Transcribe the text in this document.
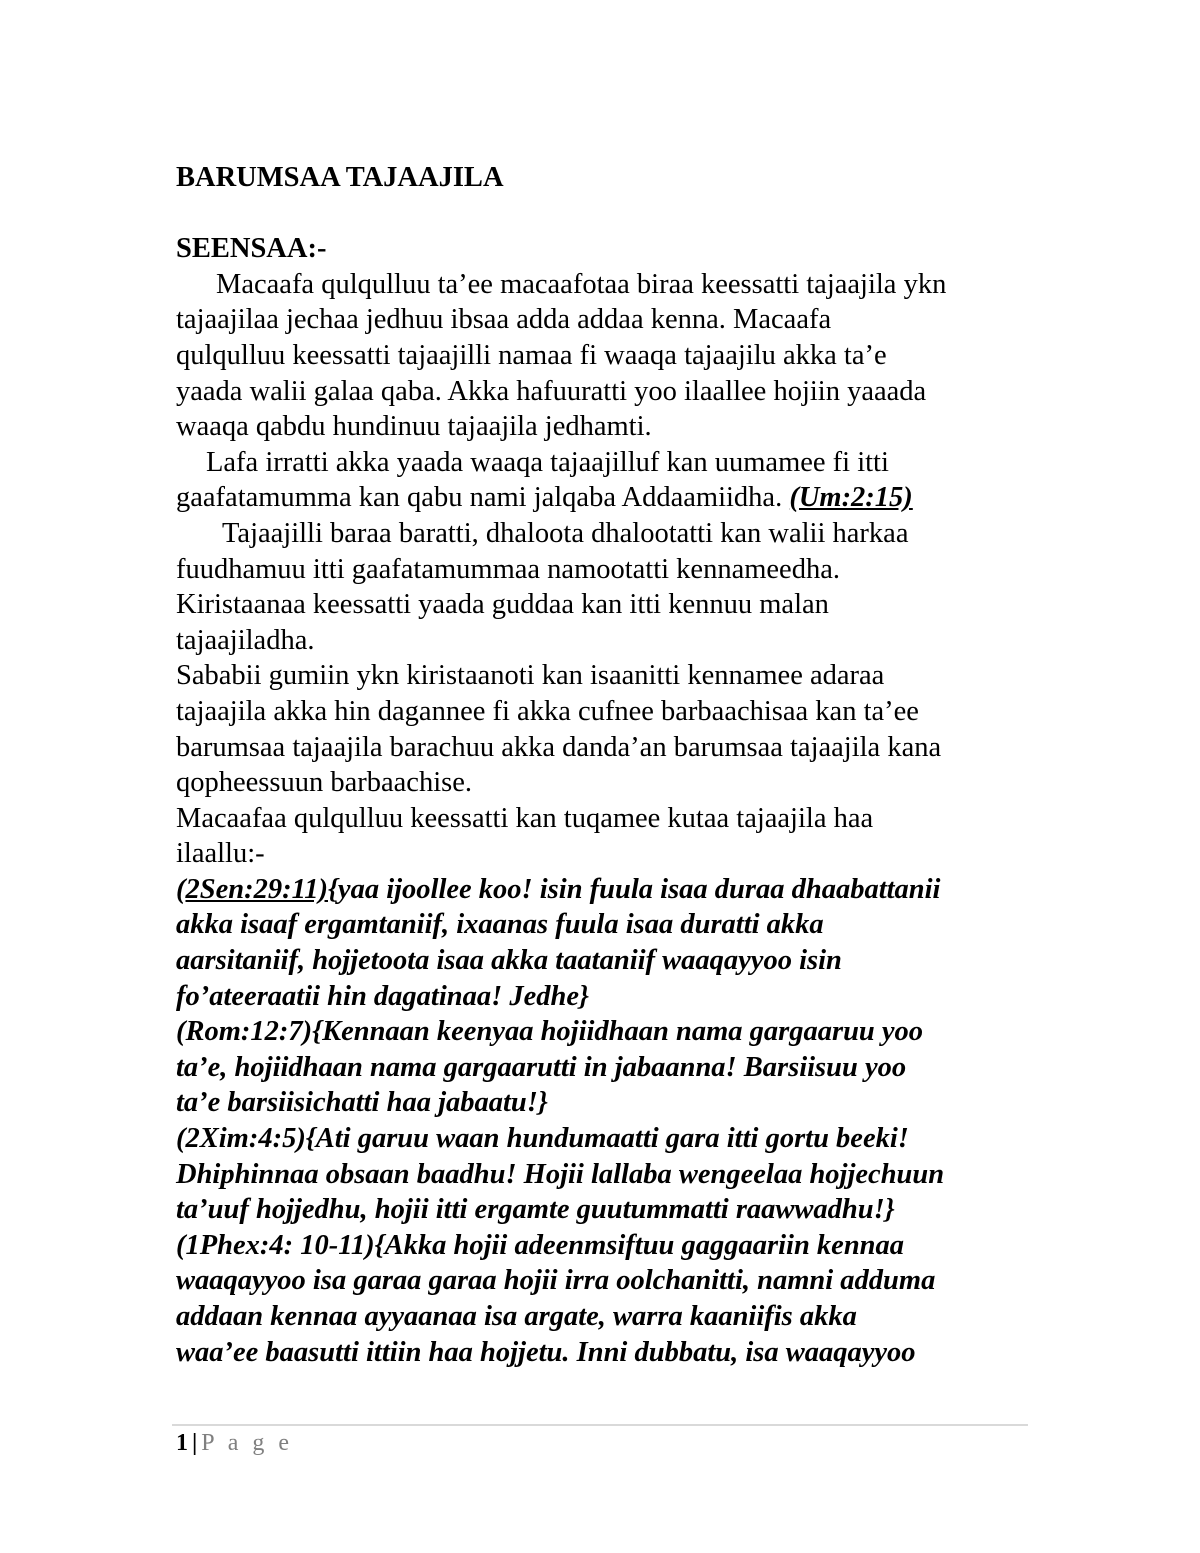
BARUMSAA TAJAAJILA
SEENSAA:-
Macaafa qulqulluu ta’ee macaafotaa biraa keessatti tajaajila ykn
tajaajilaa jechaa jedhuu ibsaa adda addaa kenna. Macaafa
qulqulluu keessatti tajaajilli namaa fi waaqa tajaajilu akka ta’e
yaada walii galaa qaba. Akka hafuuratti yoo ilaallee hojiin yaaada
waaqa qabdu hundinuu tajaajila jedhamti.
Lafa irratti akka yaada waaqa tajaajilluf kan uumamee fi itti
gaafatamumma kan qabu nami jalqaba Addaamiidha. (Um:2:15)
Tajaajilli baraa baratti, dhaloota dhalootatti kan walii harkaa
fuudhamuu itti gaafatamummaa namootatti kennameedha.
Kiristaanaa keessatti yaada guddaa kan itti kennuu malan
tajaajiladha.
Sababii gumiin ykn kiristaanoti kan isaanitti kennamee adaraa
tajaajila akka hin dagannee fi akka cufnee barbaachisaa kan ta’ee
barumsaa tajaajila barachuu akka danda’an barumsaa tajaajila kana
qopheessuun barbaachise.
Macaafaa qulqulluu keessatti kan tuqamee kutaa tajaajila haa
ilaallu:-
(2Sen:29:11){yaa ijoollee koo! isin fuula isaa duraa dhaabattanii
akka isaaf ergamtaniif, ixaanas fuula isaa duratti akka
aarsitaniif, hojjetoota isaa akka taataniif waaqayyoo isin
fo’ateeraatii hin dagatinaa! Jedhe}
(Rom:12:7){Kennaan keenyaa hojiidhaan nama gargaaruu yoo
ta’e, hojiidhaan nama gargaarutti in jabaanna! Barsiisuu yoo
ta’e barsiisichatti haa jabaatu!}
(2Xim:4:5){Ati garuu waan hundumaatti gara itti gortu beeki!
Dhiphinnaa obsaan baadhu! Hojii lallaba wengeelaa hojjechuun
ta’uuf hojjedhu, hojii itti ergamte guutummatti raawwadhu!}
(1Phex:4: 10-11){Akka hojii adeenmsiftuu gaggaariin kennaa
waaqayyoo isa garaa garaa hojii irra oolchanitti, namni adduma
addaan kennaa ayyaanaa isa argate, warra kaaniifis akka
waa’ee baasutti ittiin haa hojjetu. Inni dubbatu, isa waaqayyoo
1 | P a g e
